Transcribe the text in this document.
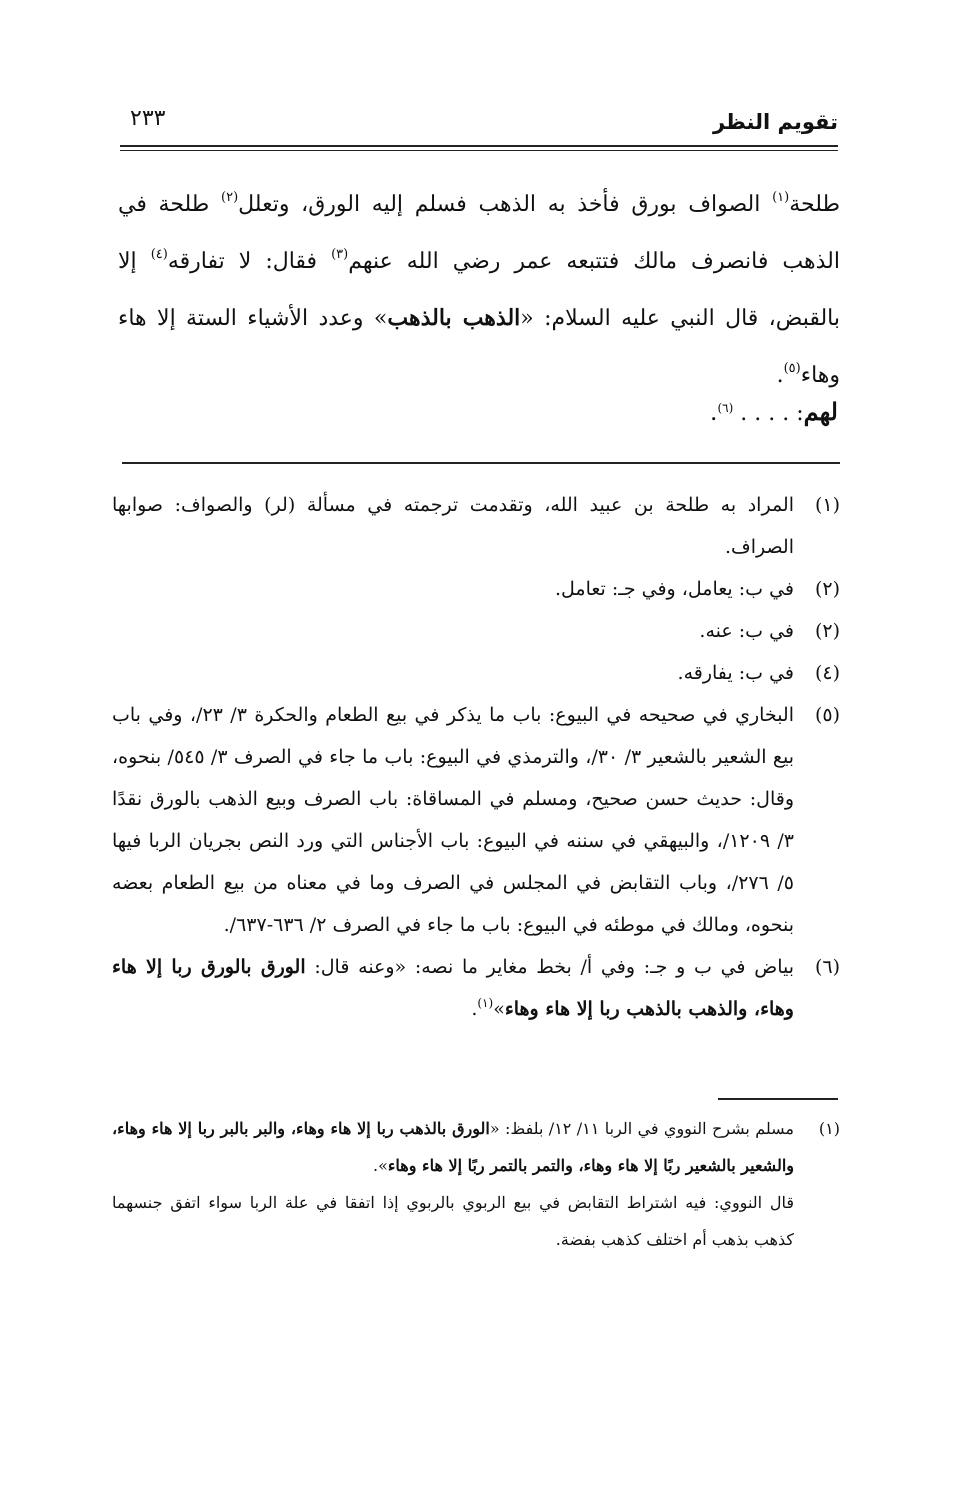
تقويم النظر
٢٣٣

طلحة$^{(١)}$ الصواف بورق فأخذ به الذهب فسلم إليه الورق، وتعلل$^{(٢)}$ طلحة في الذهب فانصرف مالك فتتبعه عمر رضي الله عنهم$^{(٣)}$ فقال: لا تفارقه$^{(٤)}$ إلا بالقبض، قال النبي عليه السلام: «الذهب بالذهب» وعدد الأشياء الستة إلا هاء وهاء$^{(٥)}$.

لهم: . . . . $^{(٦)}$.
(١)
المراد به طلحة بن عبيد الله، وتقدمت ترجمته في مسألة (لر) والصواف: صوابها الصراف.
(٢)
في ب: يعامل، وفي جـ: تعامل.
(٢)
في ب: عنه.
(٤)
في ب: يفارقه.
(٥)
البخاري في صحيحه في البيوع: باب ما يذكر في بيع الطعام والحكرة ٣/ ٢٣/، وفي باب بيع الشعير بالشعير ٣/ ٣٠/، والترمذي في البيوع: باب ما جاء في الصرف ٣/ ٥٤٥/ بنحوه، وقال: حديث حسن صحيح، ومسلم في المساقاة: باب الصرف وبيع الذهب بالورق نقدًا ٣/ ١٢٠٩/، والبيهقي في سننه في البيوع: باب الأجناس التي ورد النص بجريان الربا فيها ٥/ ٢٧٦/، وباب التقابض في المجلس في الصرف وما في معناه من بيع الطعام بعضه بنحوه، ومالك في موطئه في البيوع: باب ما جاء في الصرف ٢/ ٦٣٦-٦٣٧/.
(٦)
بياض في ب و جـ: وفي أ/ بخط مغاير ما نصه: «وعنه قال: الورق بالورق ربا إلا هاء وهاء، والذهب بالذهب ربا إلا هاء وهاء»$^{(١)}$.
(١)
مسلم بشرح النووي في الربا ١١/ ١٢/ بلفظ: «الورق بالذهب ربا إلا هاء وهاء، والبر بالبر ربا إلا هاء وهاء، والشعير بالشعير ربًا إلا هاء وهاء، والتمر بالتمر ربًا إلا هاء وهاء».
قال النووي: فيه اشتراط التقابض في بيع الربوي بالربوي إذا اتفقا في علة الربا سواء اتفق جنسهما كذهب بذهب أم اختلف كذهب بفضة.
